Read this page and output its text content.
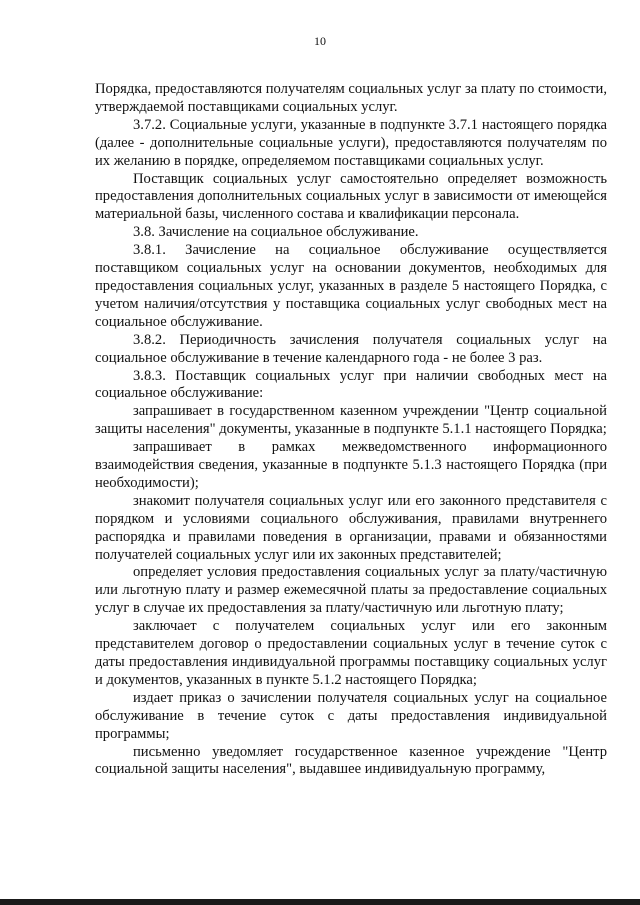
10

Порядка, предоставляются получателям социальных услуг за плату по стоимости, утверждаемой поставщиками социальных услуг.

3.7.2. Социальные услуги, указанные в подпункте 3.7.1 настоящего порядка (далее - дополнительные социальные услуги), предоставляются получателям по их желанию в порядке, определяемом поставщиками социальных услуг.

Поставщик социальных услуг самостоятельно определяет возможность предоставления дополнительных социальных услуг в зависимости от имеющейся материальной базы, численного состава и квалификации персонала.

3.8. Зачисление на социальное обслуживание.

3.8.1. Зачисление на социальное обслуживание осуществляется поставщиком социальных услуг на основании документов, необходимых для предоставления социальных услуг, указанных в разделе 5 настоящего Порядка, с учетом наличия/отсутствия у поставщика социальных услуг свободных мест на социальное обслуживание.

3.8.2. Периодичность зачисления получателя социальных услуг на социальное обслуживание в течение календарного года - не более 3 раз.

3.8.3. Поставщик социальных услуг при наличии свободных мест на социальное обслуживание:

запрашивает в государственном казенном учреждении "Центр социальной защиты населения" документы, указанные в подпункте 5.1.1 настоящего Порядка;

запрашивает в рамках межведомственного информационного взаимодействия сведения, указанные в подпункте 5.1.3 настоящего Порядка (при необходимости);

знакомит получателя социальных услуг или его законного представителя с порядком и условиями социального обслуживания, правилами внутреннего распорядка и правилами поведения в организации, правами и обязанностями получателей социальных услуг или их законных представителей;

определяет условия предоставления социальных услуг за плату/частичную или льготную плату и размер ежемесячной платы за предоставление социальных услуг в случае их предоставления за плату/частичную или льготную плату;

заключает с получателем социальных услуг или его законным представителем договор о предоставлении социальных услуг в течение суток с даты предоставления индивидуальной программы поставщику социальных услуг и документов, указанных в пункте 5.1.2 настоящего Порядка;

издает приказ о зачислении получателя социальных услуг на социальное обслуживание в течение суток с даты предоставления индивидуальной программы;

письменно уведомляет государственное казенное учреждение "Центр социальной защиты населения", выдавшее индивидуальную программу,
